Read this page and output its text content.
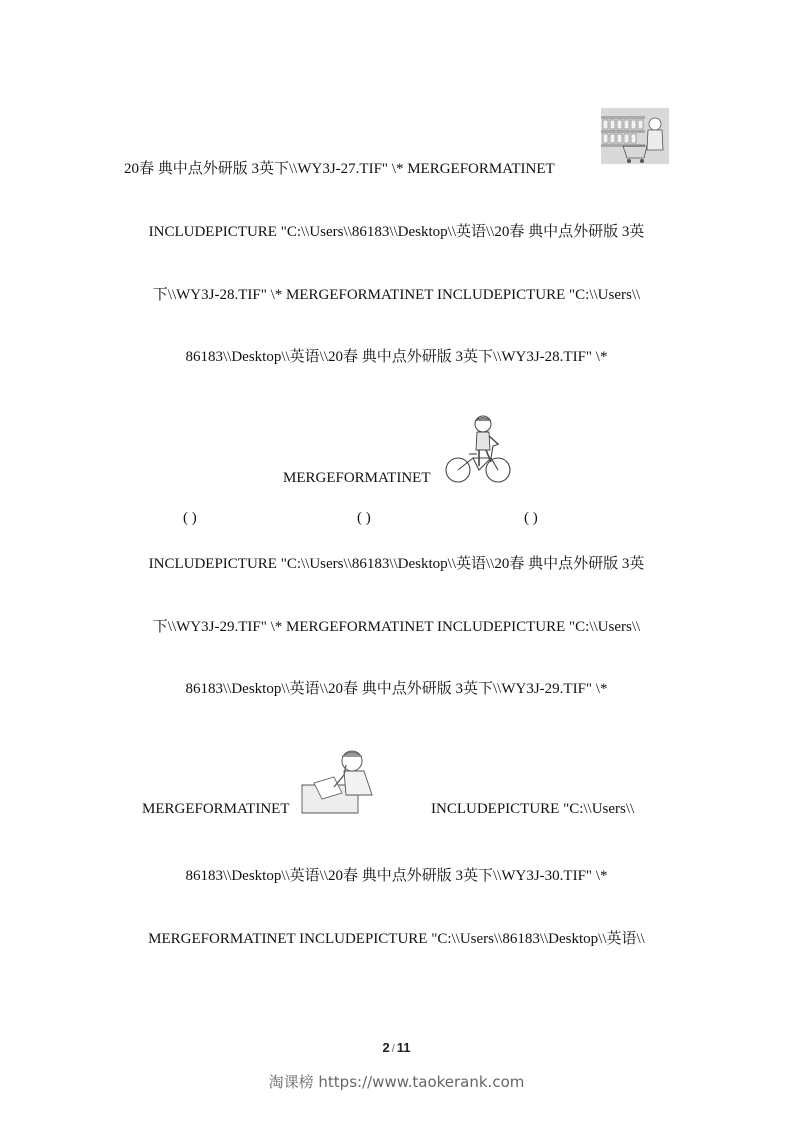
20春 典中点外研版 3英下\\WY3J-27.TIF" \* MERGEFORMATINET
INCLUDEPICTURE "C:\\Users\\86183\\Desktop\\英语\\20春 典中点外研版 3英
下\\WY3J-28.TIF" \* MERGEFORMATINET INCLUDEPICTURE "C:\\Users\\
86183\\Desktop\\英语\\20春 典中点外研版 3英下\\WY3J-28.TIF" \*
MERGEFORMATINET
( )	( )	( )
INCLUDEPICTURE "C:\\Users\\86183\\Desktop\\英语\\20春 典中点外研版 3英
下\\WY3J-29.TIF" \* MERGEFORMATINET INCLUDEPICTURE "C:\\Users\\
86183\\Desktop\\英语\\20春 典中点外研版 3英下\\WY3J-29.TIF" \*
MERGEFORMATINET	INCLUDEPICTURE "C:\\Users\\
86183\\Desktop\\英语\\20春 典中点外研版 3英下\\WY3J-30.TIF" \*
MERGEFORMATINET INCLUDEPICTURE "C:\\Users\\86183\\Desktop\\英语\\
2 / 11
淘课榜 https://www.taokerank.com
